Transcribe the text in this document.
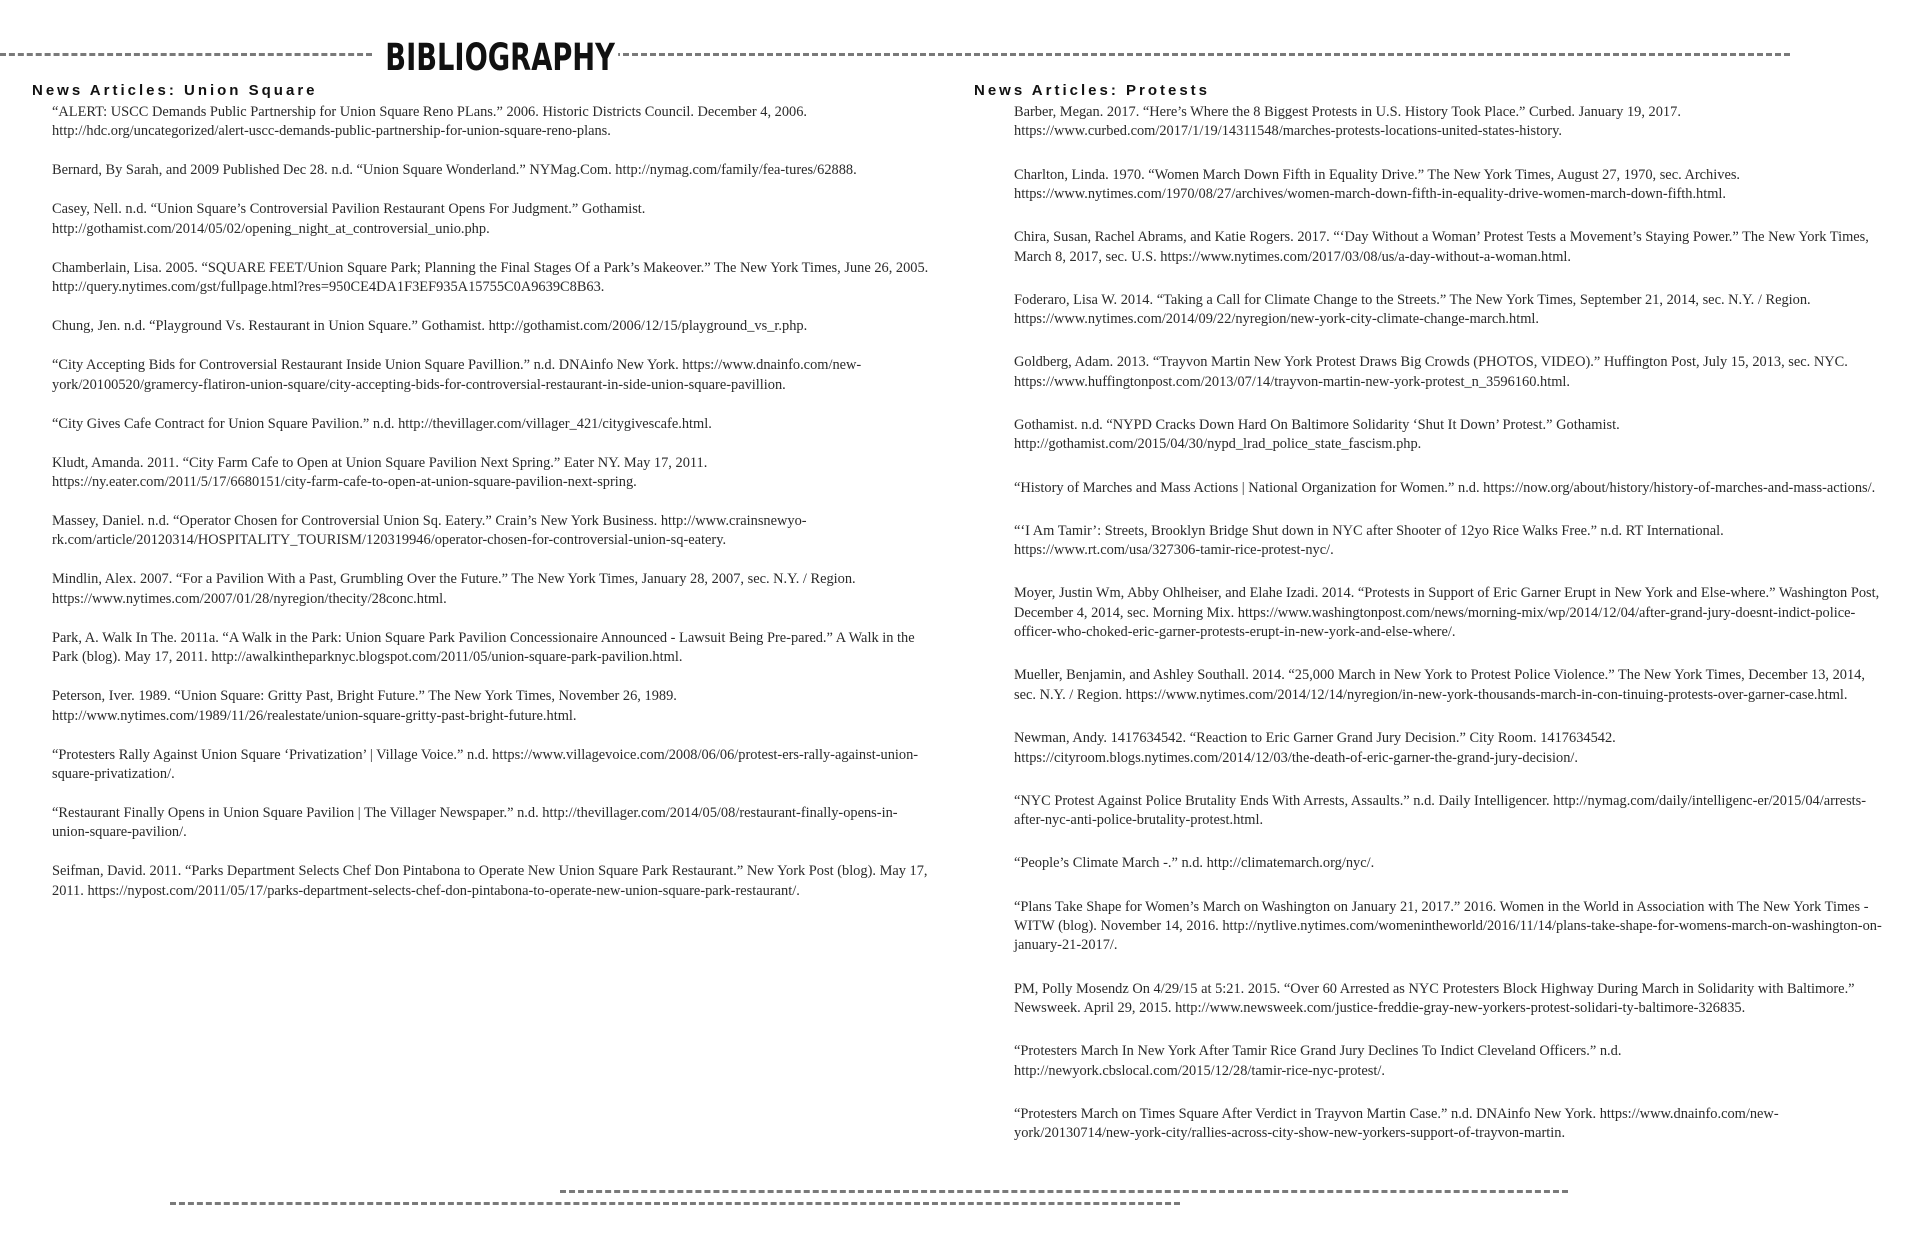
BIBLIOGRAPHY
News Articles: Union Square	News Articles: Protests
“ALERT: USCC Demands Public Partnership for Union Square Reno PLans.” 2006. Historic Districts Council. December 4, 2006. http://hdc.org/uncategorized/alert-uscc-demands-public-partnership-for-union-square-reno-plans.
Bernard, By Sarah, and 2009 Published Dec 28. n.d. “Union Square Wonderland.” NYMag.Com. http://nymag.com/family/fea-tures/62888.
Casey, Nell. n.d. “Union Square’s Controversial Pavilion Restaurant Opens For Judgment.” Gothamist. http://gothamist.com/2014/05/02/opening_night_at_controversial_unio.php.
Chamberlain, Lisa. 2005. “SQUARE FEET/Union Square Park; Planning the Final Stages Of a Park’s Makeover.” The New York Times, June 26, 2005. http://query.nytimes.com/gst/fullpage.html?res=950CE4DA1F3EF935A15755C0A9639C8B63.
Chung, Jen. n.d. “Playground Vs. Restaurant in Union Square.” Gothamist. http://gothamist.com/2006/12/15/playground_vs_r.php.
“City Accepting Bids for Controversial Restaurant Inside Union Square Pavillion.” n.d. DNAinfo New York. https://www.dnainfo.com/new-york/20100520/gramercy-flatiron-union-square/city-accepting-bids-for-controversial-restaurant-in-side-union-square-pavillion.
“City Gives Cafe Contract for Union Square Pavilion.” n.d. http://thevillager.com/villager_421/citygivescafe.html.
Kludt, Amanda. 2011. “City Farm Cafe to Open at Union Square Pavilion Next Spring.” Eater NY. May 17, 2011. https://ny.eater.com/2011/5/17/6680151/city-farm-cafe-to-open-at-union-square-pavilion-next-spring.
Massey, Daniel. n.d. “Operator Chosen for Controversial Union Sq. Eatery.” Crain’s New York Business. http://www.crainsnewyo-rk.com/article/20120314/HOSPITALITY_TOURISM/120319946/operator-chosen-for-controversial-union-sq-eatery.
Mindlin, Alex. 2007. “For a Pavilion With a Past, Grumbling Over the Future.” The New York Times, January 28, 2007, sec. N.Y. / Region. https://www.nytimes.com/2007/01/28/nyregion/thecity/28conc.html.
Park, A. Walk In The. 2011a. “A Walk in the Park: Union Square Park Pavilion Concessionaire Announced - Lawsuit Being Pre-pared.” A Walk in the Park (blog). May 17, 2011. http://awalkintheparknyc.blogspot.com/2011/05/union-square-park-pavilion.html.
Peterson, Iver. 1989. “Union Square: Gritty Past, Bright Future.” The New York Times, November 26, 1989. http://www.nytimes.com/1989/11/26/realestate/union-square-gritty-past-bright-future.html.
“Protesters Rally Against Union Square ‘Privatization’ | Village Voice.” n.d. https://www.villagevoice.com/2008/06/06/protest-ers-rally-against-union-square-privatization/.
“Restaurant Finally Opens in Union Square Pavilion | The Villager Newspaper.” n.d. http://thevillager.com/2014/05/08/restaurant-finally-opens-in-union-square-pavilion/.
Seifman, David. 2011. “Parks Department Selects Chef Don Pintabona to Operate New Union Square Park Restaurant.” New York Post (blog). May 17, 2011. https://nypost.com/2011/05/17/parks-department-selects-chef-don-pintabona-to-operate-new-union-square-park-restaurant/.
Barber, Megan. 2017. “Here’s Where the 8 Biggest Protests in U.S. History Took Place.” Curbed. January 19, 2017. https://www.curbed.com/2017/1/19/14311548/marches-protests-locations-united-states-history.
Charlton, Linda. 1970. “Women March Down Fifth in Equality Drive.” The New York Times, August 27, 1970, sec. Archives. https://www.nytimes.com/1970/08/27/archives/women-march-down-fifth-in-equality-drive-women-march-down-fifth.html.
Chira, Susan, Rachel Abrams, and Katie Rogers. 2017. “‘Day Without a Woman’ Protest Tests a Movement’s Staying Power.” The New York Times, March 8, 2017, sec. U.S. https://www.nytimes.com/2017/03/08/us/a-day-without-a-woman.html.
Foderaro, Lisa W. 2014. “Taking a Call for Climate Change to the Streets.” The New York Times, September 21, 2014, sec. N.Y. / Region. https://www.nytimes.com/2014/09/22/nyregion/new-york-city-climate-change-march.html.
Goldberg, Adam. 2013. “Trayvon Martin New York Protest Draws Big Crowds (PHOTOS, VIDEO).” Huffington Post, July 15, 2013, sec. NYC. https://www.huffingtonpost.com/2013/07/14/trayvon-martin-new-york-protest_n_3596160.html.
Gothamist. n.d. “NYPD Cracks Down Hard On Baltimore Solidarity ‘Shut It Down’ Protest.” Gothamist. http://gothamist.com/2015/04/30/nypd_lrad_police_state_fascism.php.
“History of Marches and Mass Actions | National Organization for Women.” n.d. https://now.org/about/history/history-of-marches-and-mass-actions/.
“‘I Am Tamir’: Streets, Brooklyn Bridge Shut down in NYC after Shooter of 12yo Rice Walks Free.” n.d. RT International. https://www.rt.com/usa/327306-tamir-rice-protest-nyc/.
Moyer, Justin Wm, Abby Ohlheiser, and Elahe Izadi. 2014. “Protests in Support of Eric Garner Erupt in New York and Else-where.” Washington Post, December 4, 2014, sec. Morning Mix. https://www.washingtonpost.com/news/morning-mix/wp/2014/12/04/after-grand-jury-doesnt-indict-police-officer-who-choked-eric-garner-protests-erupt-in-new-york-and-else-where/.
Mueller, Benjamin, and Ashley Southall. 2014. “25,000 March in New York to Protest Police Violence.” The New York Times, December 13, 2014, sec. N.Y. / Region. https://www.nytimes.com/2014/12/14/nyregion/in-new-york-thousands-march-in-con-tinuing-protests-over-garner-case.html.
Newman, Andy. 1417634542. “Reaction to Eric Garner Grand Jury Decision.” City Room. 1417634542. https://cityroom.blogs.nytimes.com/2014/12/03/the-death-of-eric-garner-the-grand-jury-decision/.
“NYC Protest Against Police Brutality Ends With Arrests, Assaults.” n.d. Daily Intelligencer. http://nymag.com/daily/intelligenc-er/2015/04/arrests-after-nyc-anti-police-brutality-protest.html.
“People’s Climate March -.” n.d. http://climatemarch.org/nyc/.
“Plans Take Shape for Women’s March on Washington on January 21, 2017.” 2016. Women in the World in Association with The New York Times - WITW (blog). November 14, 2016. http://nytlive.nytimes.com/womenintheworld/2016/11/14/plans-take-shape-for-womens-march-on-washington-on-january-21-2017/.
PM, Polly Mosendz On 4/29/15 at 5:21. 2015. “Over 60 Arrested as NYC Protesters Block Highway During March in Solidarity with Baltimore.” Newsweek. April 29, 2015. http://www.newsweek.com/justice-freddie-gray-new-yorkers-protest-solidari-ty-baltimore-326835.
“Protesters March In New York After Tamir Rice Grand Jury Declines To Indict Cleveland Officers.” n.d. http://newyork.cbslocal.com/2015/12/28/tamir-rice-nyc-protest/.
“Protesters March on Times Square After Verdict in Trayvon Martin Case.” n.d. DNAinfo New York. https://www.dnainfo.com/new-york/20130714/new-york-city/rallies-across-city-show-new-yorkers-support-of-trayvon-martin.
